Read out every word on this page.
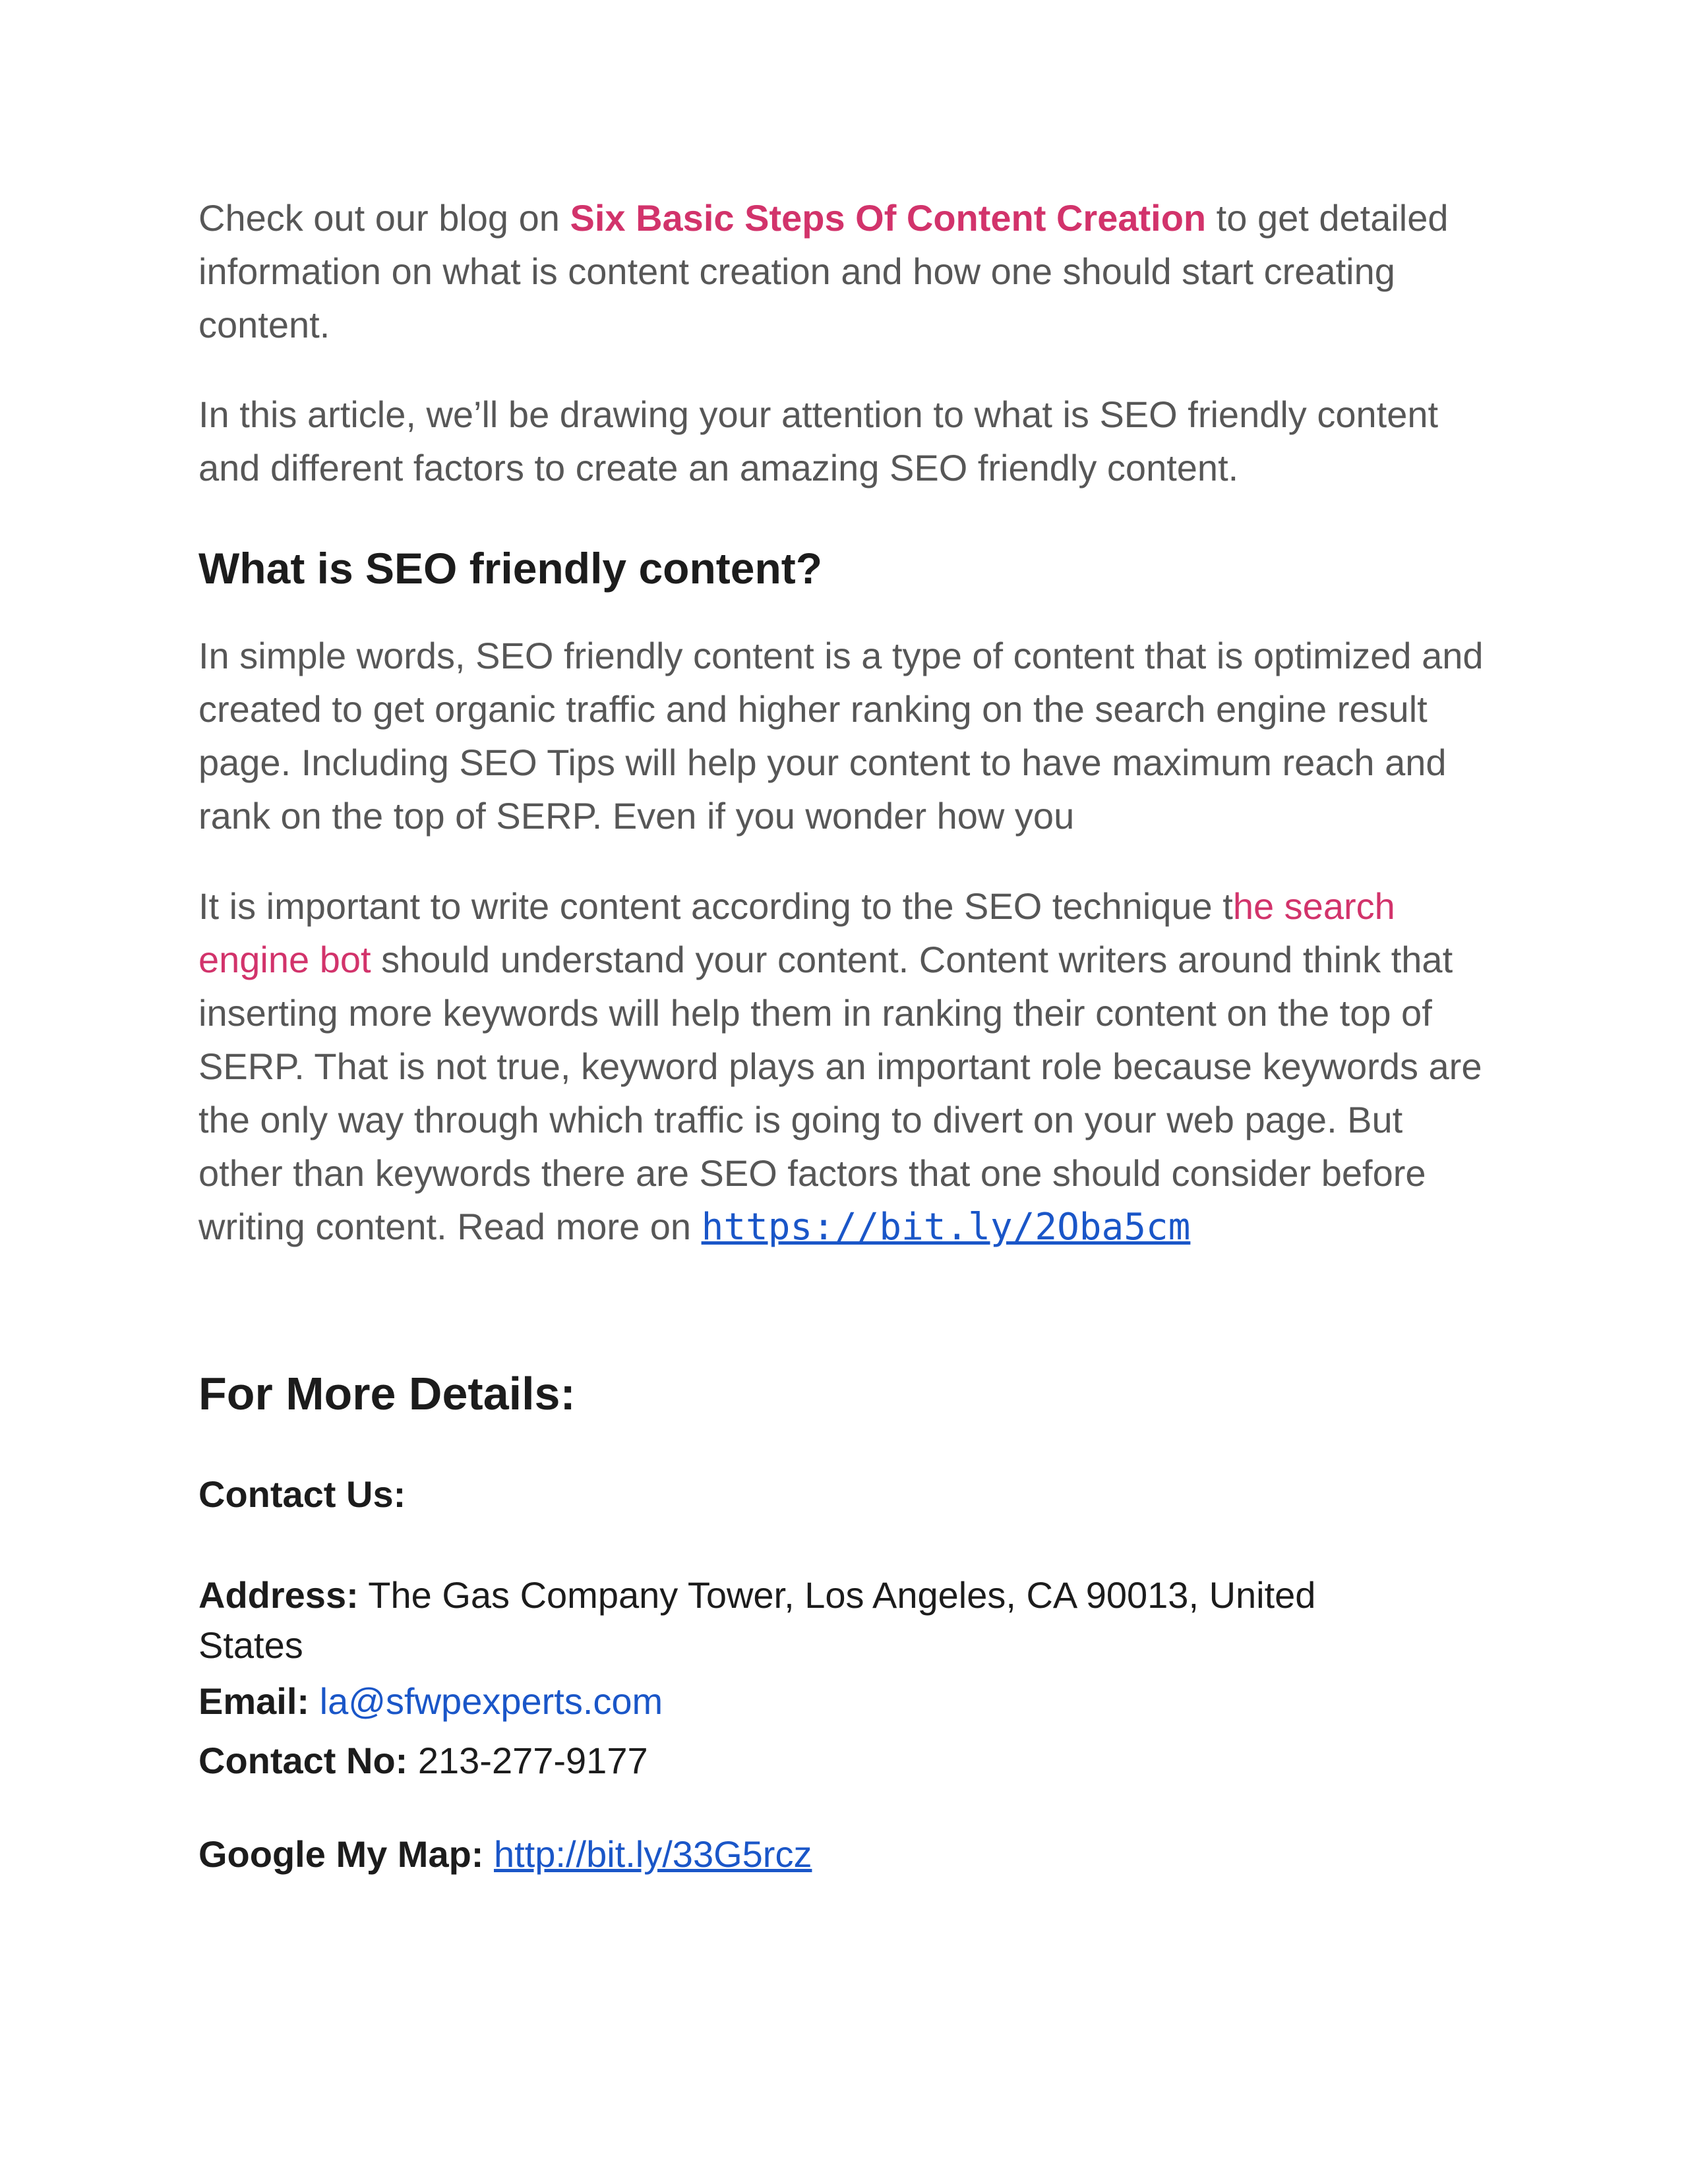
Check out our blog on Six Basic Steps Of Content Creation to get detailed information on what is content creation and how one should start creating content.

In this article, we’ll be drawing your attention to what is SEO friendly content and different factors to create an amazing SEO friendly content.

What is SEO friendly content?

In simple words, SEO friendly content is a type of content that is optimized and created to get organic traffic and higher ranking on the search engine result page. Including SEO Tips will help your content to have maximum reach and rank on the top of SERP. Even if you wonder how you

It is important to write content according to the SEO technique the search engine bot should understand your content. Content writers around think that inserting more keywords will help them in ranking their content on the top of SERP. That is not true, keyword plays an important role because keywords are the only way through which traffic is going to divert on your web page. But other than keywords there are SEO factors that one should consider before writing content. Read more on https://bit.ly/2Oba5cm

For More Details:
Contact Us:
Address: The Gas Company Tower, Los Angeles, CA 90013, United States
Email: la@sfwpexperts.com
Contact No: 213-277-9177
Google My Map: http://bit.ly/33G5rcz
